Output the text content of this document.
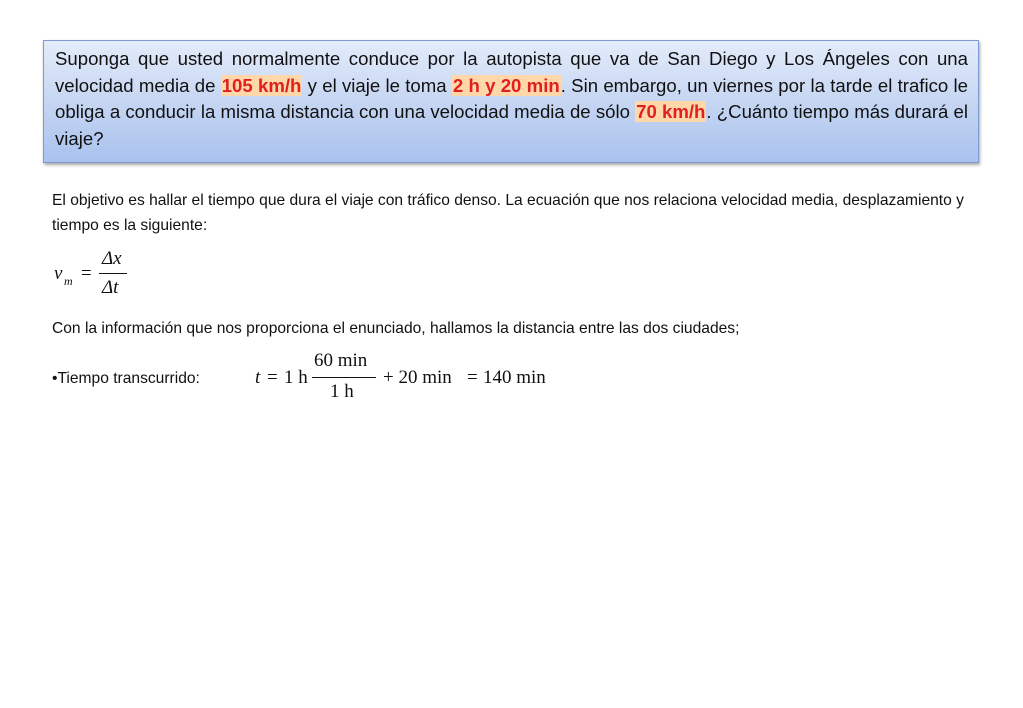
Suponga que usted normalmente conduce por la autopista que va de San Diego y Los Ángeles con una velocidad media de 105 km/h y el viaje le toma 2 h y 20 min. Sin embargo, un viernes por la tarde el trafico le obliga a conducir la misma distancia con una velocidad media de sólo 70 km/h. ¿Cuánto tiempo más durará el viaje?

El objetivo es hallar el tiempo que dura el viaje con tráfico denso. La ecuación que nos relaciona velocidad media, desplazamiento y tiempo es la siguiente:

v m =
Δx
Δt

Con la información que nos proporciona el enunciado, hallamos la distancia entre las dos ciudades;

•Tiempo transcurrido:	t = 1 h
60 min
1 h
+ 20 min = 140 min
